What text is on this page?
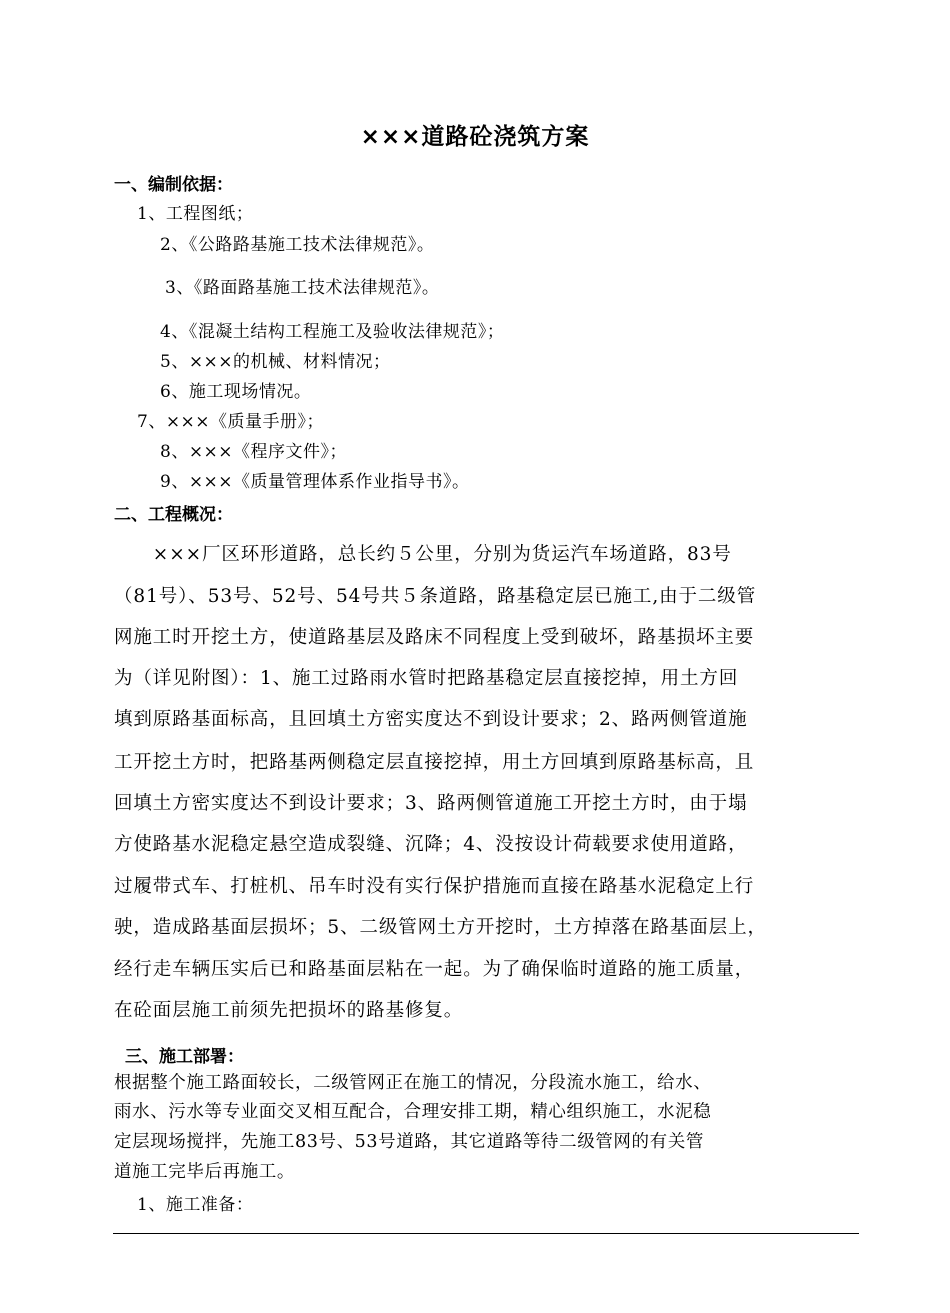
×××道路砼浇筑方案
一、编制依据：
1、工程图纸；
2、《公路路基施工技术法律规范》。
3、《路面路基施工技术法律规范》。
4、《混凝土结构工程施工及验收法律规范》；
5、×××的机械、材料情况；
6、施工现场情况。
7、×××《质量手册》；
8、×××《程序文件》；
9、×××《质量管理体系作业指导书》。
二、工程概况：
　　×××厂区环形道路，总长约５公里，分别为货运汽车场道路，83号
（81号）、53号、52号、54号共５条道路，路基稳定层已施工,由于二级管
网施工时开挖土方，使道路基层及路床不同程度上受到破坏，路基损坏主要
为（详见附图）：1、施工过路雨水管时把路基稳定层直接挖掉，用土方回
填到原路基面标高，且回填土方密实度达不到设计要求；2、路两侧管道施
工开挖土方时，把路基两侧稳定层直接挖掉，用土方回填到原路基标高，且
回填土方密实度达不到设计要求；3、路两侧管道施工开挖土方时，由于塌
方使路基水泥稳定悬空造成裂缝、沉降；4、没按设计荷载要求使用道路，
过履带式车、打桩机、吊车时没有实行保护措施而直接在路基水泥稳定上行
驶，造成路基面层损坏；5、二级管网土方开挖时，土方掉落在路基面层上，
经行走车辆压实后已和路基面层粘在一起。为了确保临时道路的施工质量，
在砼面层施工前须先把损坏的路基修复。
三、施工部署：
根据整个施工路面较长，二级管网正在施工的情况，分段流水施工，给水、
雨水、污水等专业面交叉相互配合，合理安排工期，精心组织施工，水泥稳
定层现场搅拌，先施工83号、53号道路，其它道路等待二级管网的有关管
道施工完毕后再施工。
1、施工准备：
